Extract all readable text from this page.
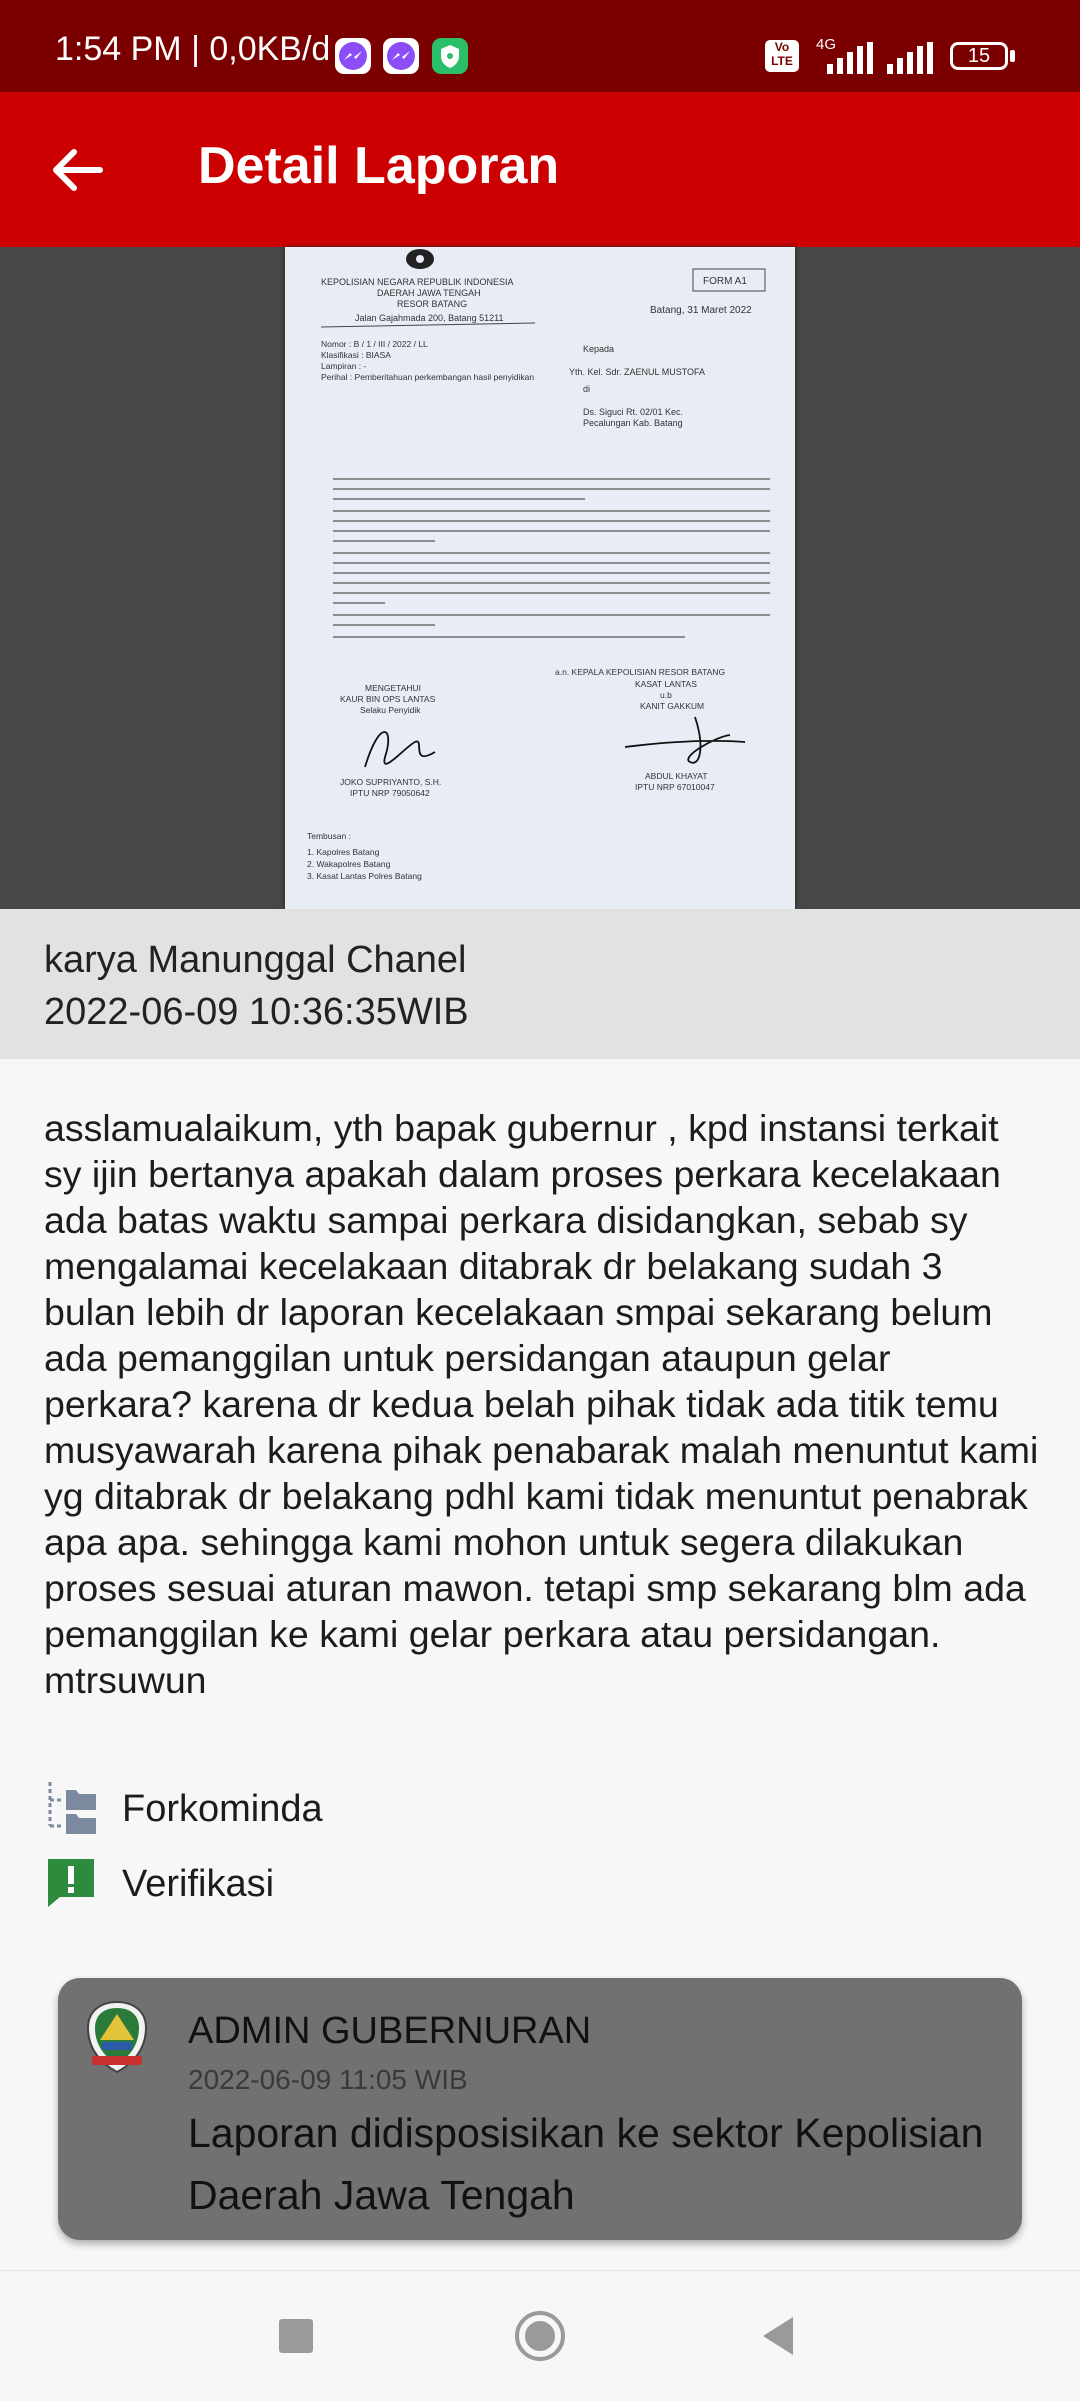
1:54 PM | 0,0KB/d	Vo
LTE
4G
15
Detail Laporan
KEPOLISIAN NEGARA REPUBLIK INDONESIA
DAERAH JAWA TENGAH
RESOR BATANG
Jalan Gajahmada 200, Batang 51211
FORM A1
Batang, 31 Maret 2022
Nomor : B / 1 / III / 2022 / LL
Klasifikasi : BIASA
Lampiran : -
Perihal : Pemberitahuan perkembangan hasil penyidikan
Kepada
Yth. Kel. Sdr. ZAENUL MUSTOFA
di
Ds. Siguci Rt. 02/01 Kec.
Pecalungan Kab. Batang
a.n. KEPALA KEPOLISIAN RESOR BATANG
KASAT LANTAS
u.b
KANIT GAKKUM
MENGETAHUI
KAUR BIN OPS LANTAS
Selaku Penyidik
JOKO SUPRIYANTO, S.H.
IPTU NRP 79050642
ABDUL KHAYAT
IPTU NRP 67010047
Tembusan :
1. Kapolres Batang
2. Wakapolres Batang
3. Kasat Lantas Polres Batang
karya Manunggal Chanel
2022-06-09 10:36:35WIB
asslamualaikum, yth bapak gubernur , kpd instansi terkait sy ijin bertanya apakah dalam proses perkara kecelakaan ada batas waktu sampai perkara disidangkan, sebab sy mengalamai kecelakaan ditabrak dr belakang sudah 3 bulan lebih dr laporan kecelakaan smpai sekarang belum ada pemanggilan untuk persidangan ataupun gelar perkara? karena dr kedua belah pihak tidak ada titik temu musyawarah karena pihak penabarak malah menuntut kami yg ditabrak dr belakang pdhl kami tidak menuntut penabrak apa apa. sehingga kami mohon untuk segera dilakukan proses sesuai aturan mawon. tetapi smp sekarang blm ada pemanggilan ke kami gelar perkara atau persidangan. mtrsuwun
Forkominda
Verifikasi
ADMIN GUBERNURAN
2022-06-09 11:05 WIB
Laporan didisposisikan ke sektor Kepolisian Daerah Jawa Tengah
